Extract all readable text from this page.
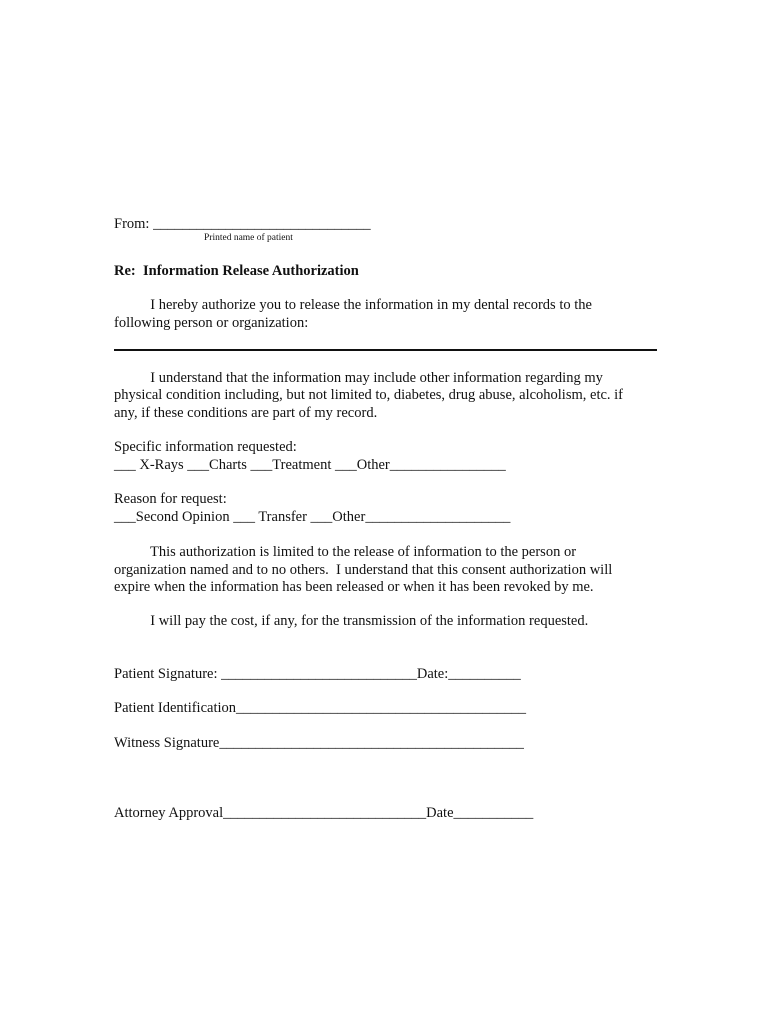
From: ______________________________
Printed name of patient
Re:  Information Release Authorization
I hereby authorize you to release the information in my dental records to the
following person or organization:
I understand that the information may include other information regarding my
physical condition including, but not limited to, diabetes, drug abuse, alcoholism, etc. if
any, if these conditions are part of my record.
Specific information requested:
___ X-Rays ___Charts ___Treatment ___Other________________
Reason for request:
___Second Opinion ___ Transfer ___Other____________________
This authorization is limited to the release of information to the person or
organization named and to no others.  I understand that this consent authorization will
expire when the information has been released or when it has been revoked by me.
I will pay the cost, if any, for the transmission of the information requested.
Patient Signature: ___________________________Date:__________
Patient Identification________________________________________
Witness Signature__________________________________________
Attorney Approval____________________________Date___________
